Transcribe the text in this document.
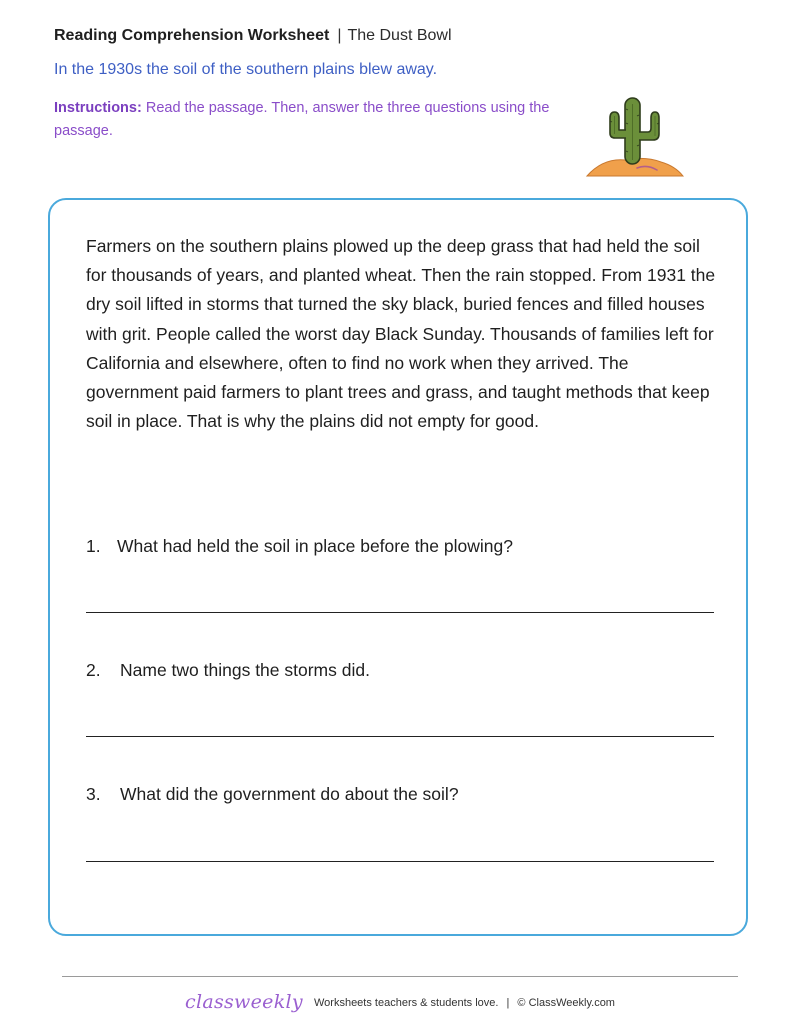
Reading Comprehension Worksheet | The Dust Bowl
In the 1930s the soil of the southern plains blew away.
Instructions: Read the passage. Then, answer the three questions using the passage.

Farmers on the southern plains plowed up the deep grass that had held the soil for thousands of years, and planted wheat. Then the rain stopped. From 1931 the dry soil lifted in storms that turned the sky black, buried fences and filled houses with grit. People called the worst day Black Sunday. Thousands of families left for California and elsewhere, often to find no work when they arrived. The government paid farmers to plant trees and grass, and taught methods that keep soil in place. That is why the plains did not empty for good.

1. What had held the soil in place before the plowing?
2. Name two things the storms did.
3. What did the government do about the soil?
classweekly Worksheets teachers & students love. | © ClassWeekly.com
